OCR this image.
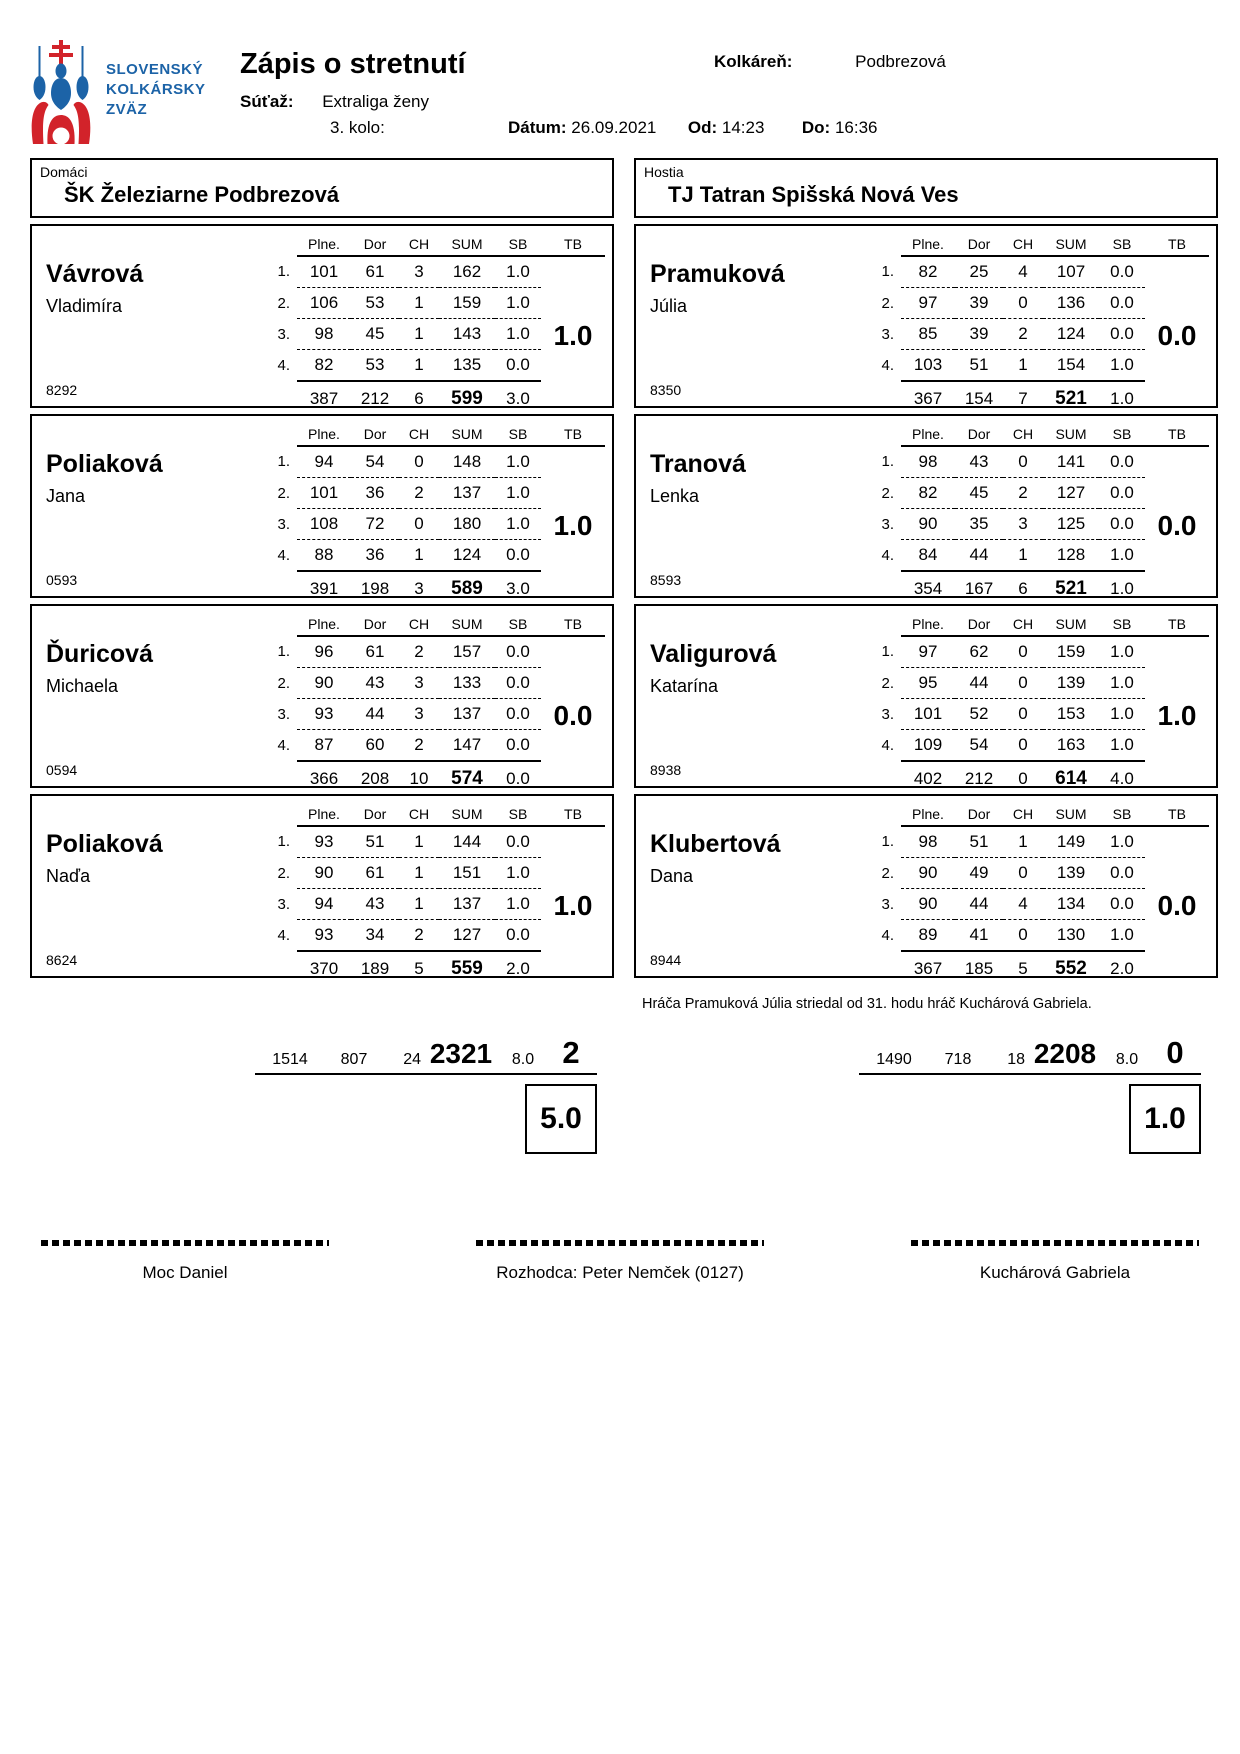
SLOVENSKÝ
KOLKÁRSKY
ZVÄZ
Zápis o stretnutí
Súťaž: Extraliga ženy
3. kolo:
Kolkáreň:	Podbrezová
Dátum: 26.09.2021 Od: 14:23 Do: 16:36
Domáci
ŠK Železiarne Podbrezová
Vávrová
Vladimíra
8292
	Plne.	Dor	CH	SUM	SB	TB
1.	101	61	3	162	1.0	1.0
2.	106	53	1	159	1.0	
3.	98	45	1	143	1.0	
4.	82	53	1	135	0.0	
	387	212	6	599	3.0	
Poliaková
Jana
0593
	Plne.	Dor	CH	SUM	SB	TB
1.	94	54	0	148	1.0	1.0
2.	101	36	2	137	1.0	
3.	108	72	0	180	1.0	
4.	88	36	1	124	0.0	
	391	198	3	589	3.0	
Ďuricová
Michaela
0594
	Plne.	Dor	CH	SUM	SB	TB
1.	96	61	2	157	0.0	0.0
2.	90	43	3	133	0.0	
3.	93	44	3	137	0.0	
4.	87	60	2	147	0.0	
	366	208	10	574	0.0	
Poliaková
Naďa
8624
	Plne.	Dor	CH	SUM	SB	TB
1.	93	51	1	144	0.0	1.0
2.	90	61	1	151	1.0	
3.	94	43	1	137	1.0	
4.	93	34	2	127	0.0	
	370	189	5	559	2.0	
1514	807	24 2321	8.0 2
5.0
Hostia
TJ Tatran Spišská Nová Ves
Pramuková
Júlia
8350
	Plne.	Dor	CH	SUM	SB	TB
1.	82	25	4	107	0.0	0.0
2.	97	39	0	136	0.0	
3.	85	39	2	124	0.0	
4.	103	51	1	154	1.0	
	367	154	7	521	1.0	
Tranová
Lenka
8593
	Plne.	Dor	CH	SUM	SB	TB
1.	98	43	0	141	0.0	0.0
2.	82	45	2	127	0.0	
3.	90	35	3	125	0.0	
4.	84	44	1	128	1.0	
	354	167	6	521	1.0	
Valigurová
Katarína
8938
	Plne.	Dor	CH	SUM	SB	TB
1.	97	62	0	159	1.0	1.0
2.	95	44	0	139	1.0	
3.	101	52	0	153	1.0	
4.	109	54	0	163	1.0	
	402	212	0	614	4.0	
Klubertová
Dana
8944
	Plne.	Dor	CH	SUM	SB	TB
1.	98	51	1	149	1.0	0.0
2.	90	49	0	139	0.0	
3.	90	44	4	134	0.0	
4.	89	41	0	130	1.0	
	367	185	5	552	2.0	
Hráča Pramuková Júlia striedal od 31. hodu hráč Kuchárová Gabriela.
1490	718	18 2208	8.0 0
1.0
Moc Daniel	Rozhodca: Peter Nemček (0127)	Kuchárová Gabriela
